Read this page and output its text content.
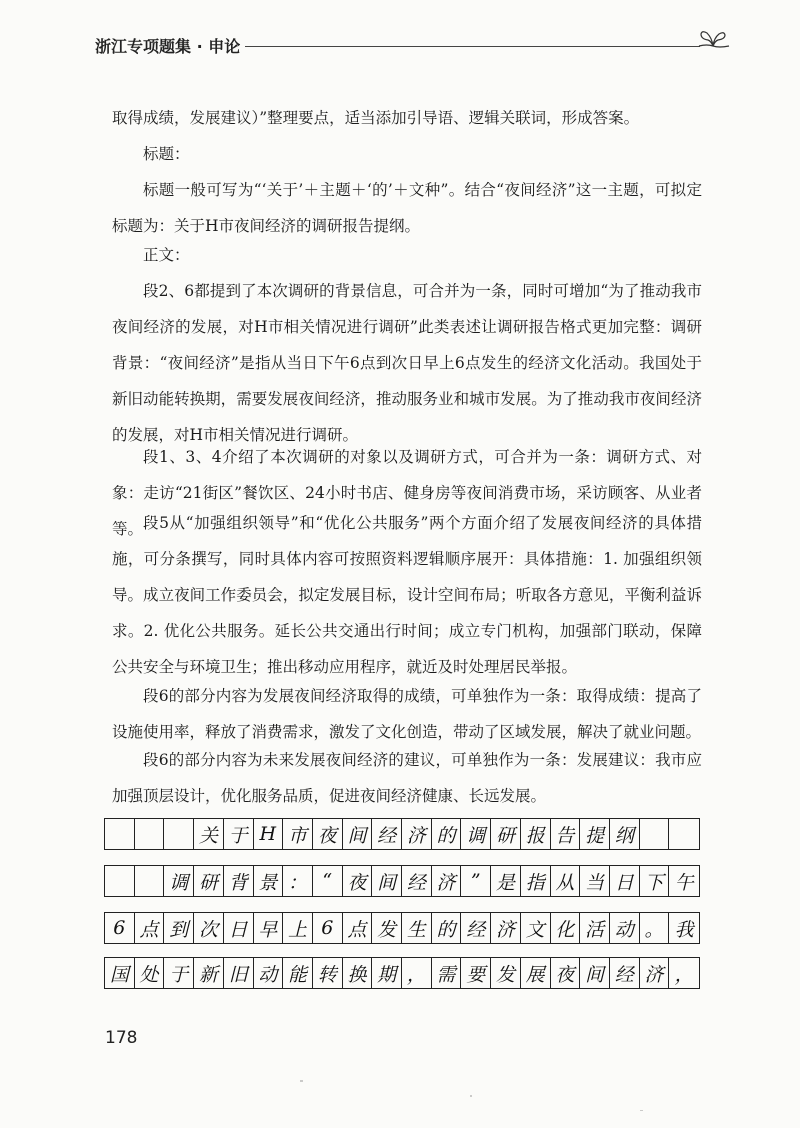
浙江专项题集 · 申论

取得成绩，发展建议）”整理要点，适当添加引导语、逻辑关联词，形成答案。

标题：

标题一般可写为“‘关于’＋主题＋‘的’＋文种”。结合“夜间经济”这一主题，可拟定标题为：关于H市夜间经济的调研报告提纲。

正文：

段2、6都提到了本次调研的背景信息，可合并为一条，同时可增加“为了推动我市夜间经济的发展，对H市相关情况进行调研”此类表述让调研报告格式更加完整：调研背景：“夜间经济”是指从当日下午6点到次日早上6点发生的经济文化活动。我国处于新旧动能转换期，需要发展夜间经济，推动服务业和城市发展。为了推动我市夜间经济的发展，对H市相关情况进行调研。

段1、3、4介绍了本次调研的对象以及调研方式，可合并为一条：调研方式、对象：走访“21街区”餐饮区、24小时书店、健身房等夜间消费市场，采访顾客、从业者等。 段5从“加强组织领导”和“优化公共服务”两个方面介绍了发展夜间经济的具体措施，可分条撰写，同时具体内容可按照资料逻辑顺序展开：具体措施：1. 加强组织领导。成立夜间工作委员会，拟定发展目标，设计空间布局；听取各方意见，平衡利益诉求。2. 优化公共服务。延长公共交通出行时间；成立专门机构，加强部门联动，保障公共安全与环境卫生；推出移动应用程序，就近及时处理居民举报。

段6的部分内容为发展夜间经济取得的成绩，可单独作为一条：取得成绩：提高了设施使用率，释放了消费需求，激发了文化创造，带动了区域发展，解决了就业问题。

段6的部分内容为未来发展夜间经济的建议，可单独作为一条：发展建议：我市应加强顶层设计，优化服务品质，促进夜间经济健康、长远发展。

关 于 H 市 夜 间 经 济 的 调 研 报 告 提 纲
调 研 背 景 ： “ 夜 间 经 济 ” 是 指 从 当 日 下 午
6 点 到 次 日 早 上 6 点 发 生 的 经 济 文 化 活 动 。 我
国 处 于 新 旧 动 能 转 换 期 ， 需 要 发 展 夜 间 经 济 ，
178
